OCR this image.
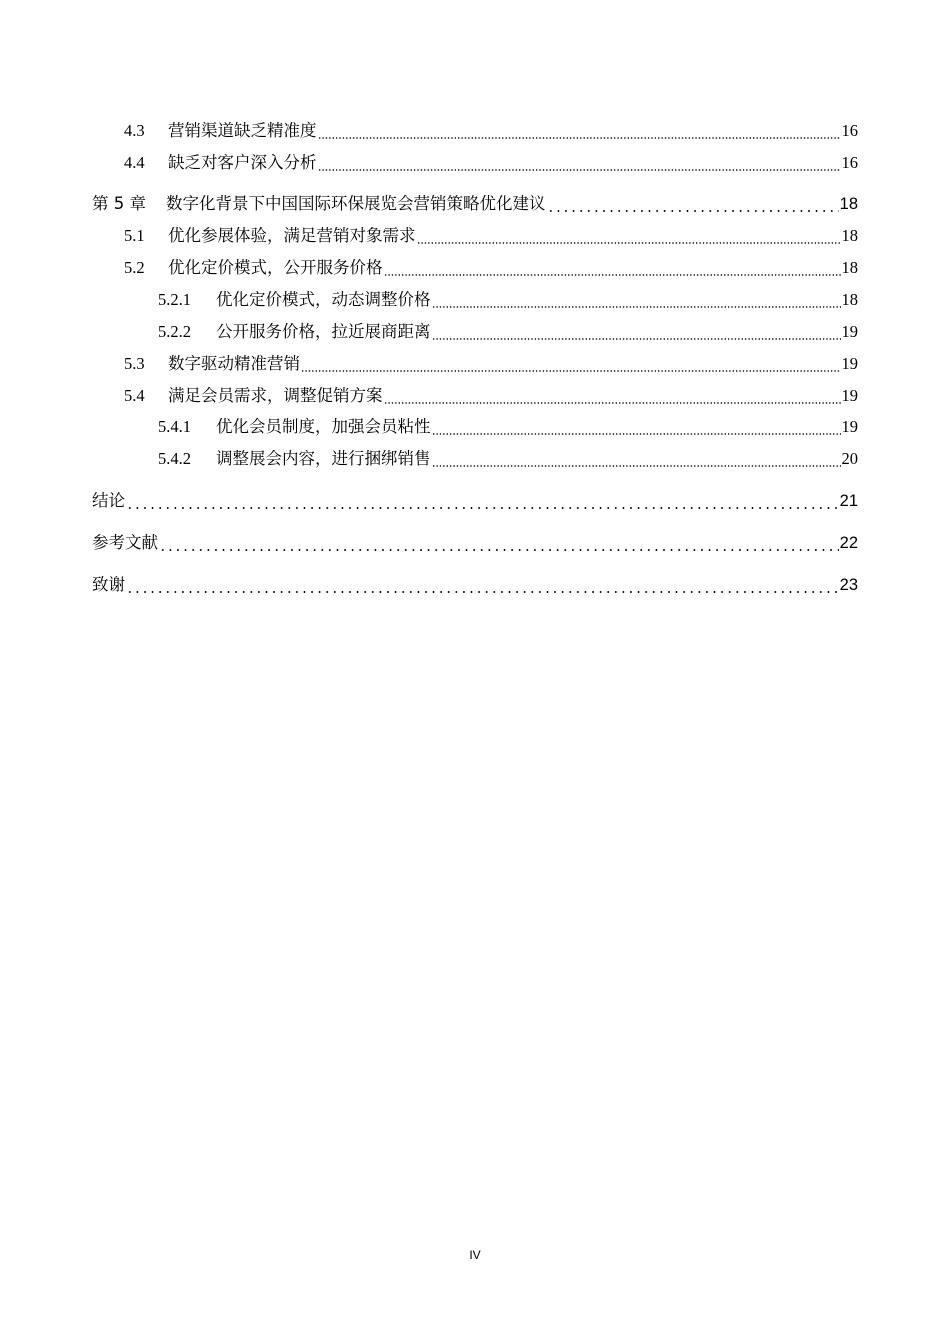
4.3	营销渠道缺乏精准度	16
4.4	缺乏对客户深入分析	16
第 5 章	数字化背景下中国国际环保展览会营销策略优化建议	18
5.1	优化参展体验，满足营销对象需求	18
5.2	优化定价模式，公开服务价格	18
5.2.1	优化定价模式，动态调整价格	18
5.2.2	公开服务价格，拉近展商距离	19
5.3	数字驱动精准营销	19
5.4	满足会员需求，调整促销方案	19
5.4.1	优化会员制度，加强会员粘性	19
5.4.2	调整展会内容，进行捆绑销售	20
结论	21
参考文献	22
致谢	23
IV
